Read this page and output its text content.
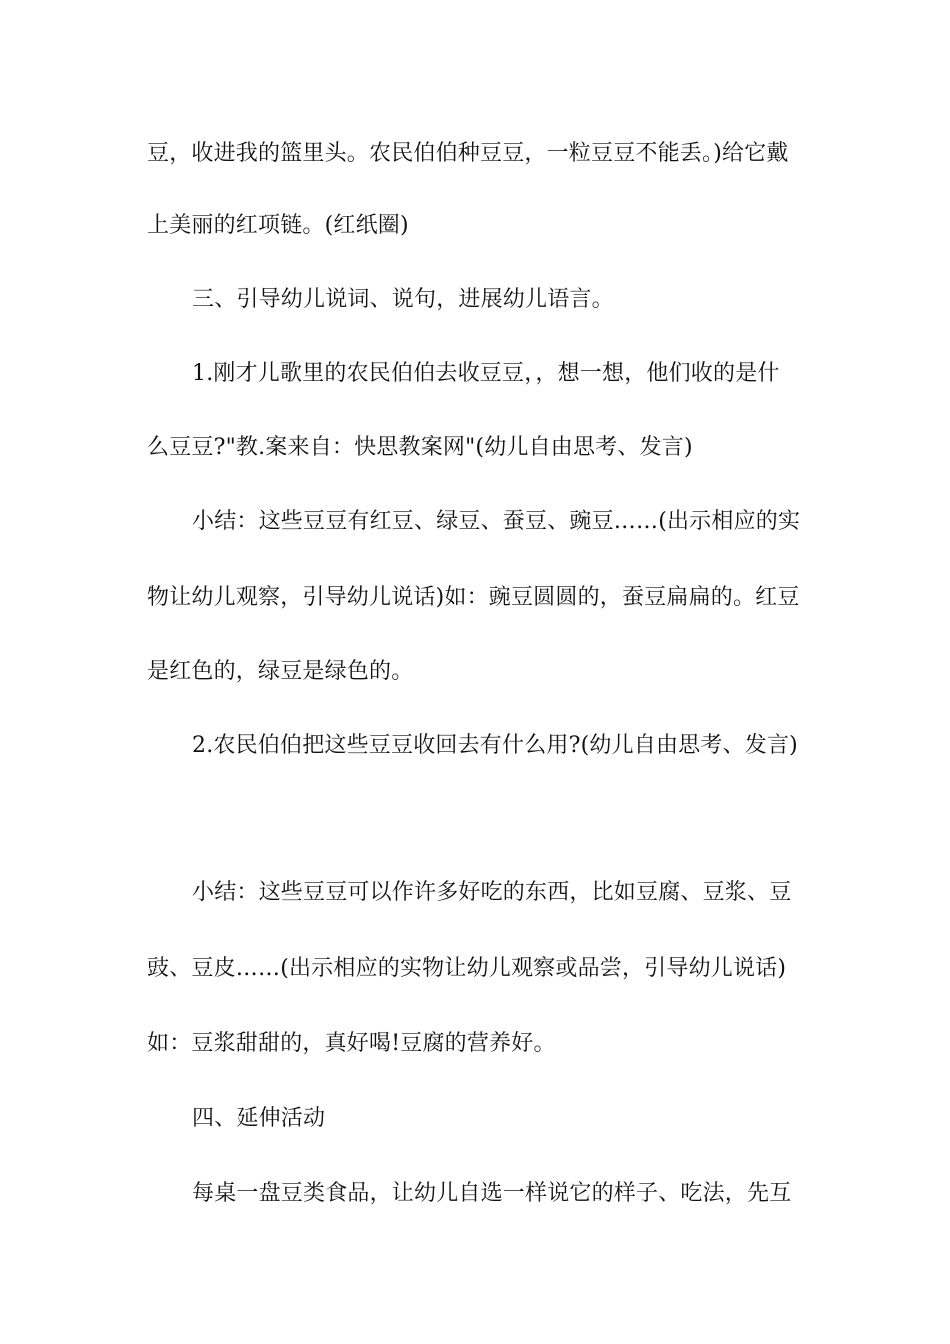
豆，收进我的篮里头。农民伯伯种豆豆，一粒豆豆不能丢。)给它戴
上美丽的红项链。(红纸圈)
三、引导幼儿说词、说句，进展幼儿语言。
1.刚才儿歌里的农民伯伯去收豆豆，，想一想，他们收的是什
么豆豆?"教.案来自：快思教案网"(幼儿自由思考、发言)
小结：这些豆豆有红豆、绿豆、蚕豆、豌豆……(出示相应的实
物让幼儿观察，引导幼儿说话)如：豌豆圆圆的，蚕豆扁扁的。红豆
是红色的，绿豆是绿色的。
2.农民伯伯把这些豆豆收回去有什么用?(幼儿自由思考、发言)
小结：这些豆豆可以作许多好吃的东西，比如豆腐、豆浆、豆
豉、豆皮……(出示相应的实物让幼儿观察或品尝，引导幼儿说话)
如：豆浆甜甜的，真好喝!豆腐的营养好。
四、延伸活动
每桌一盘豆类食品，让幼儿自选一样说它的样子、吃法，先互
